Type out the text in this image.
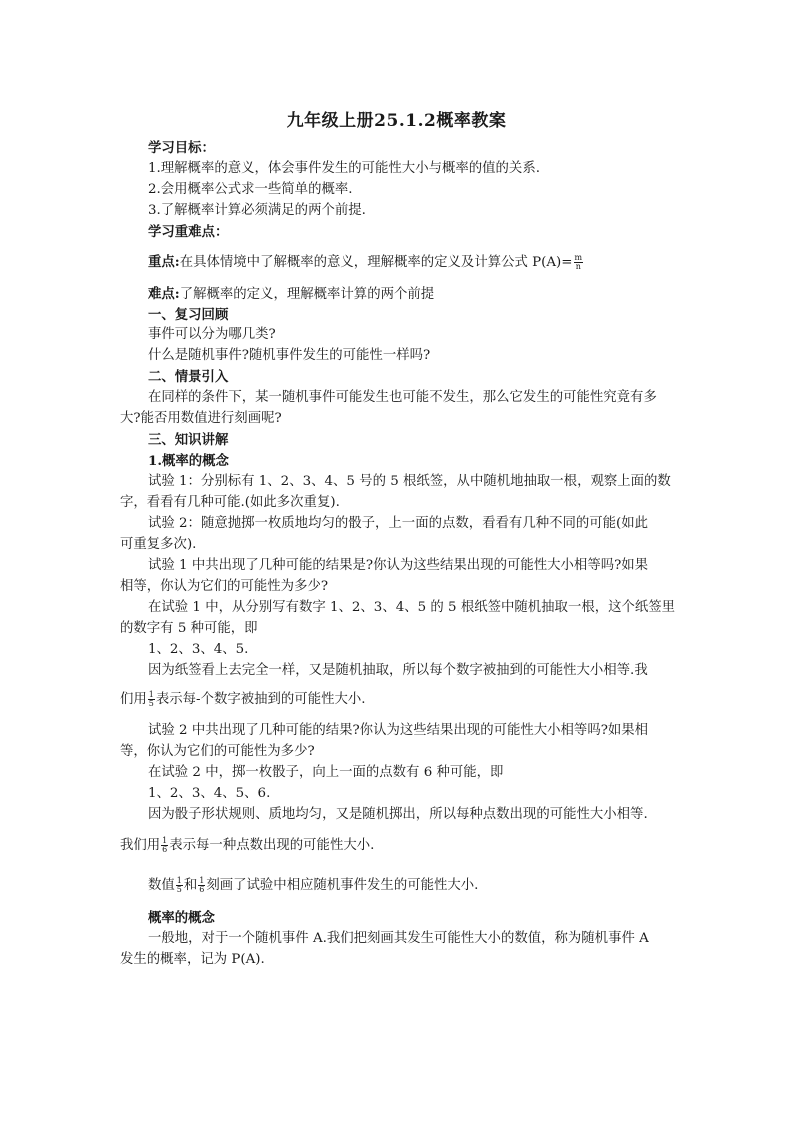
九年级上册25.1.2概率教案
学习目标：
1.理解概率的意义，体会事件发生的可能性大小与概率的值的关系.
2.会用概率公式求一些简单的概率.
3.了解概率计算必须满足的两个前提.
学习重难点：
重点:在具体情境中了解概率的意义，理解概率的定义及计算公式 $P(A)= \frac{m}{n}$
难点:了解概率的定义，理解概率计算的两个前提
一、复习回顾
事件可以分为哪几类?
什么是随机事件?随机事件发生的可能性一样吗?
二、情景引入
在同样的条件下，某一随机事件可能发生也可能不发生，那么它发生的可能性究竟有多
大?能否用数值进行刻画呢?
三、知识讲解
1.概率的概念
试验 1：分别标有 1、2、3、4、5 号的 5 根纸签，从中随机地抽取一根，观察上面的数
字，看看有几种可能.(如此多次重复).
试验 2：随意抛掷一枚质地均匀的骰子，上一面的点数，看看有几种不同的可能(如此
可重复多次).
试验 1 中共出现了几种可能的结果是?你认为这些结果出现的可能性大小相等吗?如果
相等，你认为它们的可能性为多少?
在试验 1 中，从分别写有数字 1、2、3、4、5 的 5 根纸签中随机抽取一根，这个纸签里
的数字有 5 种可能，即
1、2、3、4、5.
因为纸签看上去完全一样，又是随机抽取，所以每个数字被抽到的可能性大小相等.我
们用 $\frac{1}{5}$ 表示每-个数字被抽到的可能性大小.
试验 2 中共出现了几种可能的结果?你认为这些结果出现的可能性大小相等吗?如果相
等，你认为它们的可能性为多少?
在试验 2 中，掷一枚骰子，向上一面的点数有 6 种可能，即
1、2、3、4、5、6.
因为骰子形状规则、质地均匀，又是随机掷出，所以每种点数出现的可能性大小相等.
我们用 $\frac{1}{6}$ 表示每一种点数出现的可能性大小.
数值 $\frac{1}{5}$ 和 $\frac{1}{6}$ 刻画了试验中相应随机事件发生的可能性大小.
概率的概念
一般地，对于一个随机事件 A.我们把刻画其发生可能性大小的数值，称为随机事件 A
发生的概率，记为 P(A).
